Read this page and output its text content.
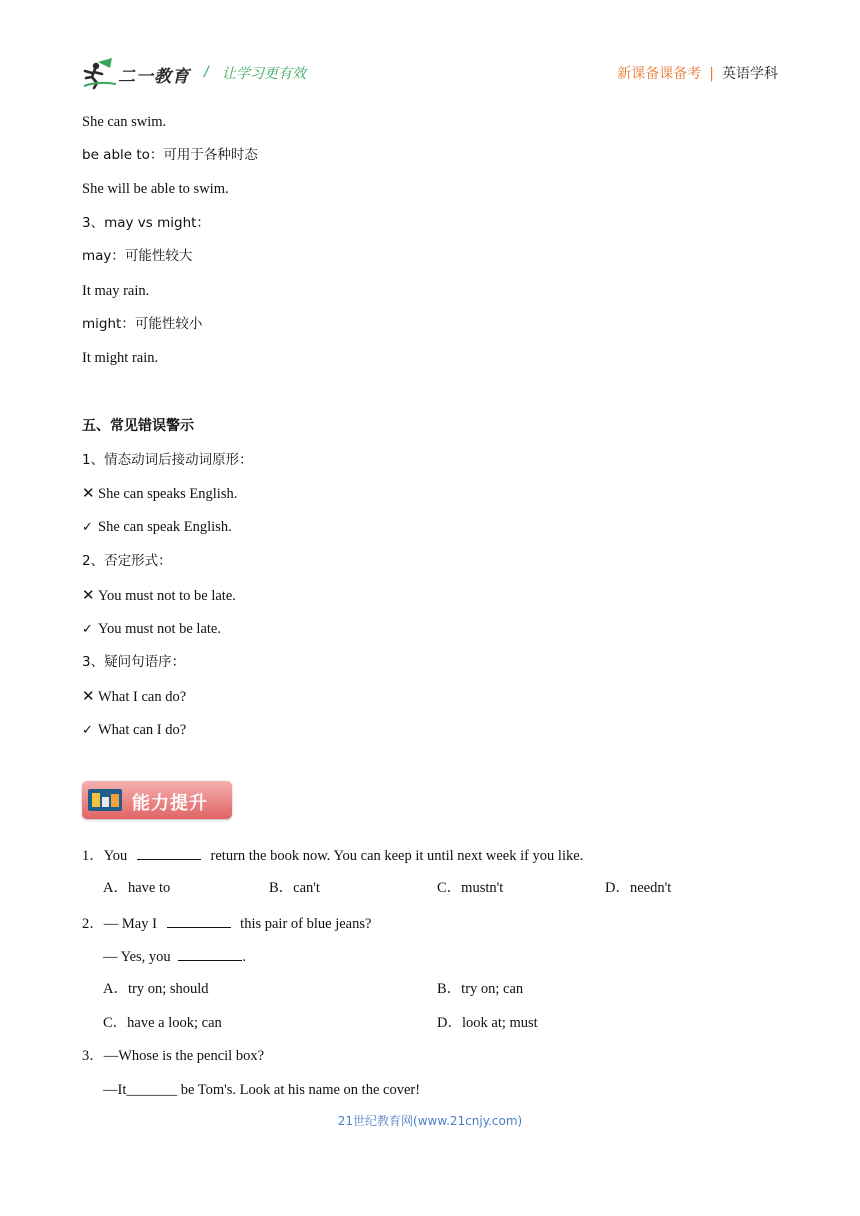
二一教育 / 让学习更有效	新课备课备考 | 英语学科
She can swim.
be able to：可用于各种时态
She will be able to swim.
3、may vs might：
may：可能性较大
It may rain.
might：可能性较小
It might rain.
五、常见错误警示
1、情态动词后接动词原形：
✕ She can speaks English.
✓ She can speak English.
2、否定形式：
✕ You must not to be late.
✓ You must not be late.
3、疑问句语序：
✕ What I can do?
✓ What can I do?
能力提升
1．You	return the book now. You can keep it until next week if you like.
A．have to	B．can't	C．mustn't	D．needn't
2．— May I	this pair of blue jeans?
— Yes, you	.
A．try on; should	B．try on; can
C．have a look; can	D．look at; must
3．—Whose is the pencil box?
—It_______ be Tom's. Look at his name on the cover!
21世纪教育网(www.21cnjy.com)
